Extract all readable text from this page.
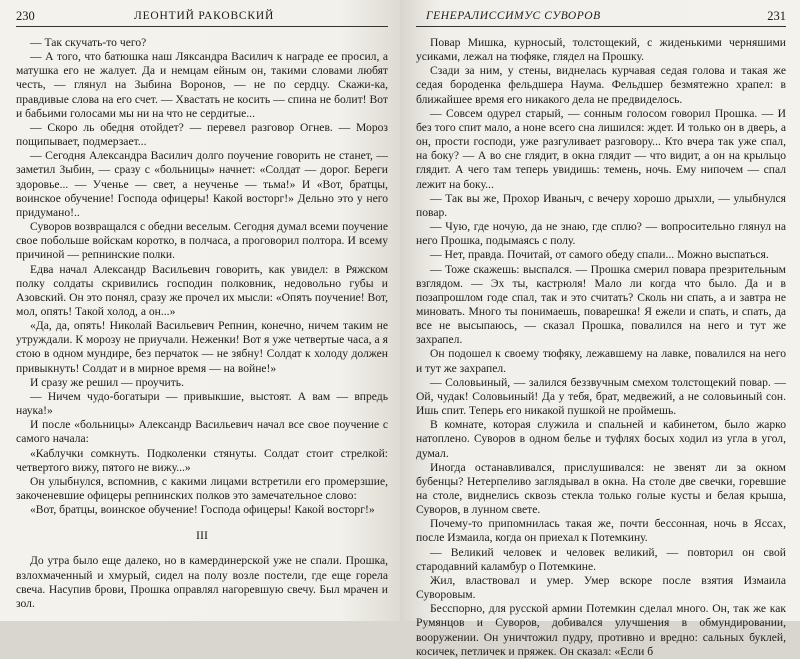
230	ЛЕОНТИЙ РАКОВСКИЙ

— Так скучать-то чего?

— А того, что батюшка наш Ляксандра Василич к награде ее просил, а матушка его не жалует. Да и немцам ейным он, такими словами любят честь, — глянул на Зыбина Воронов, — не по сердцу. Скажи-ка, правдивые слова на его счет. — Хвастать не косить — спина не болит! Вот и бабьими голосами мы ни на что не сердитые...

— Скоро ль обедня отойдет? — перевел разговор Огнев. — Мороз пощипывает, подмерзает...

— Сегодня Александра Василич долго поучение говорить не станет, — заметил Зыбин, — сразу с «больницы» начнет: «Солдат — дорог. Береги здоровье... — Ученье — свет, а неученье — тьма!» И «Вот, братцы, воинское обучение! Господа офицеры! Какой восторг!» Дельно это у него придумано!..

Суворов возвращался с обедни веселым. Сегодня думал всеми поучение свое побольше войскам коротко, в полчаса, а проговорил полтора. И всему причиной — репнинские полки.

Едва начал Александр Васильевич говорить, как увидел: в Ряжском полку солдаты скривились господин полковник, недовольно губы и Азовский. Он это понял, сразу же прочел их мысли: «Опять поучение! Вот, мол, опять! Такой холод, а он...»

«Да, да, опять! Николай Васильевич Репнин, конечно, ничем таким не утруждали. К морозу не приучали. Неженки! Вот я уже четвертые часа, а я стою в одном мундире, без перчаток — не зябну! Солдат к холоду должен привыкнуть! Солдат и в мирное время — на войне!»

И сразу же решил — проучить.

— Ничем чудо-богатыри — привыкшие, выстоят. А вам — впредь наука!»

И после «больницы» Александр Васильевич начал все свое поучение с самого начала:

«Каблучки сомкнуть. Подколенки стянуты. Солдат стоит стрелкой: четвертого вижу, пятого не вижу...»

Он улыбнулся, вспомнив, с какими лицами встретили его промерзшие, закоченевшие офицеры репнинских полков это замечательное слово:

«Вот, братцы, воинское обучение! Господа офицеры! Какой восторг!»

III

До утра было еще далеко, но в камердинерской уже не спали. Прошка, взлохмаченный и хмурый, сидел на полу возле постели, где еще горела свеча. Насупив брови, Прошка оправлял нагоревшую свечу. Был мрачен и зол.

ГЕНЕРАЛИССИМУС СУВОРОВ	231

Повар Мишка, курносый, толстощекий, с жиденькими черняшими усиками, лежал на тюфяке, глядел на Прошку.

Сзади за ним, у стены, виднелась курчавая седая голова и такая же седая бороденка фельдшера Наума. Фельдшер безмятежно храпел: в ближайшее время его никакого дела не предвиделось.

— Совсем одурел старый, — сонным голосом говорил Прошка. — И без того спит мало, а ноне всего сна лишился: ждет. И только он в дверь, а он, прости господи, уже разгуливает разговору... Кто вчера так уже спал, на боку? — А во сне глядит, в окна глядит — что видит, а он на крыльцо глядит. А чего там теперь увидишь: темень, ночь. Ему нипочем — спал лежит на боку...

— Так вы же, Прохор Иваныч, с вечеру хорошо дрыхли, — улыбнулся повар.

— Чую, где ночую, да не знаю, где сплю? — вопросительно глянул на него Прошка, подымаясь с полу.

— Нет, правда. Почитай, от самого обеду спали... Можно выспаться.

— Тоже скажешь: выспался. — Прошка смерил повара презрительным взглядом. — Эх ты, кастрюля! Мало ли когда что было. Да и в позапрошлом годе спал, так и это считать? Сколь ни спать, а и завтра не миновать. Много ты понимаешь, поварешка! Я ежели и спать, и спать, да все не высыпаюсь, — сказал Прошка, повалился на него и тут же захрапел.

Он подошел к своему тюфяку, лежавшему на лавке, повалился на него и тут же захрапел.

— Соловьиный, — залился беззвучным смехом толстощекий повар. — Ой, чудак! Соловьиный! Да у тебя, брат, медвежий, а не соловьиный сон. Ишь спит. Теперь его никакой пушкой не проймешь.

В комнате, которая служила и спальней и кабинетом, было жарко натоплено. Суворов в одном белье и туфлях босых ходил из угла в угол, думал.

Иногда останавливался, прислушивался: не звенят ли за окном бубенцы? Нетерпеливо заглядывал в окна. На столе две свечки, горевшие на столе, виднелись сквозь стекла только голые кусты и белая крыша, Суворов, в лунном свете.

Почему-то припомнилась такая же, почти бессонная, ночь в Яссах, после Измаила, когда он приехал к Потемкину.

— Великий человек и человек великий, — повторил он свой стародавний каламбур о Потемкине.

Жил, властвовал и умер. Умер вскоре после взятия Измаила Суворовым.

Бесспорно, для русской армии Потемкин сделал много. Он, так же как Румянцов и Суворов, добивался улучшения в обмундировании, вооружении. Он уничтожил пудру, противно и вредно: сальных буклей, косичек, петличек и пряжек. Он сказал: «Если б
